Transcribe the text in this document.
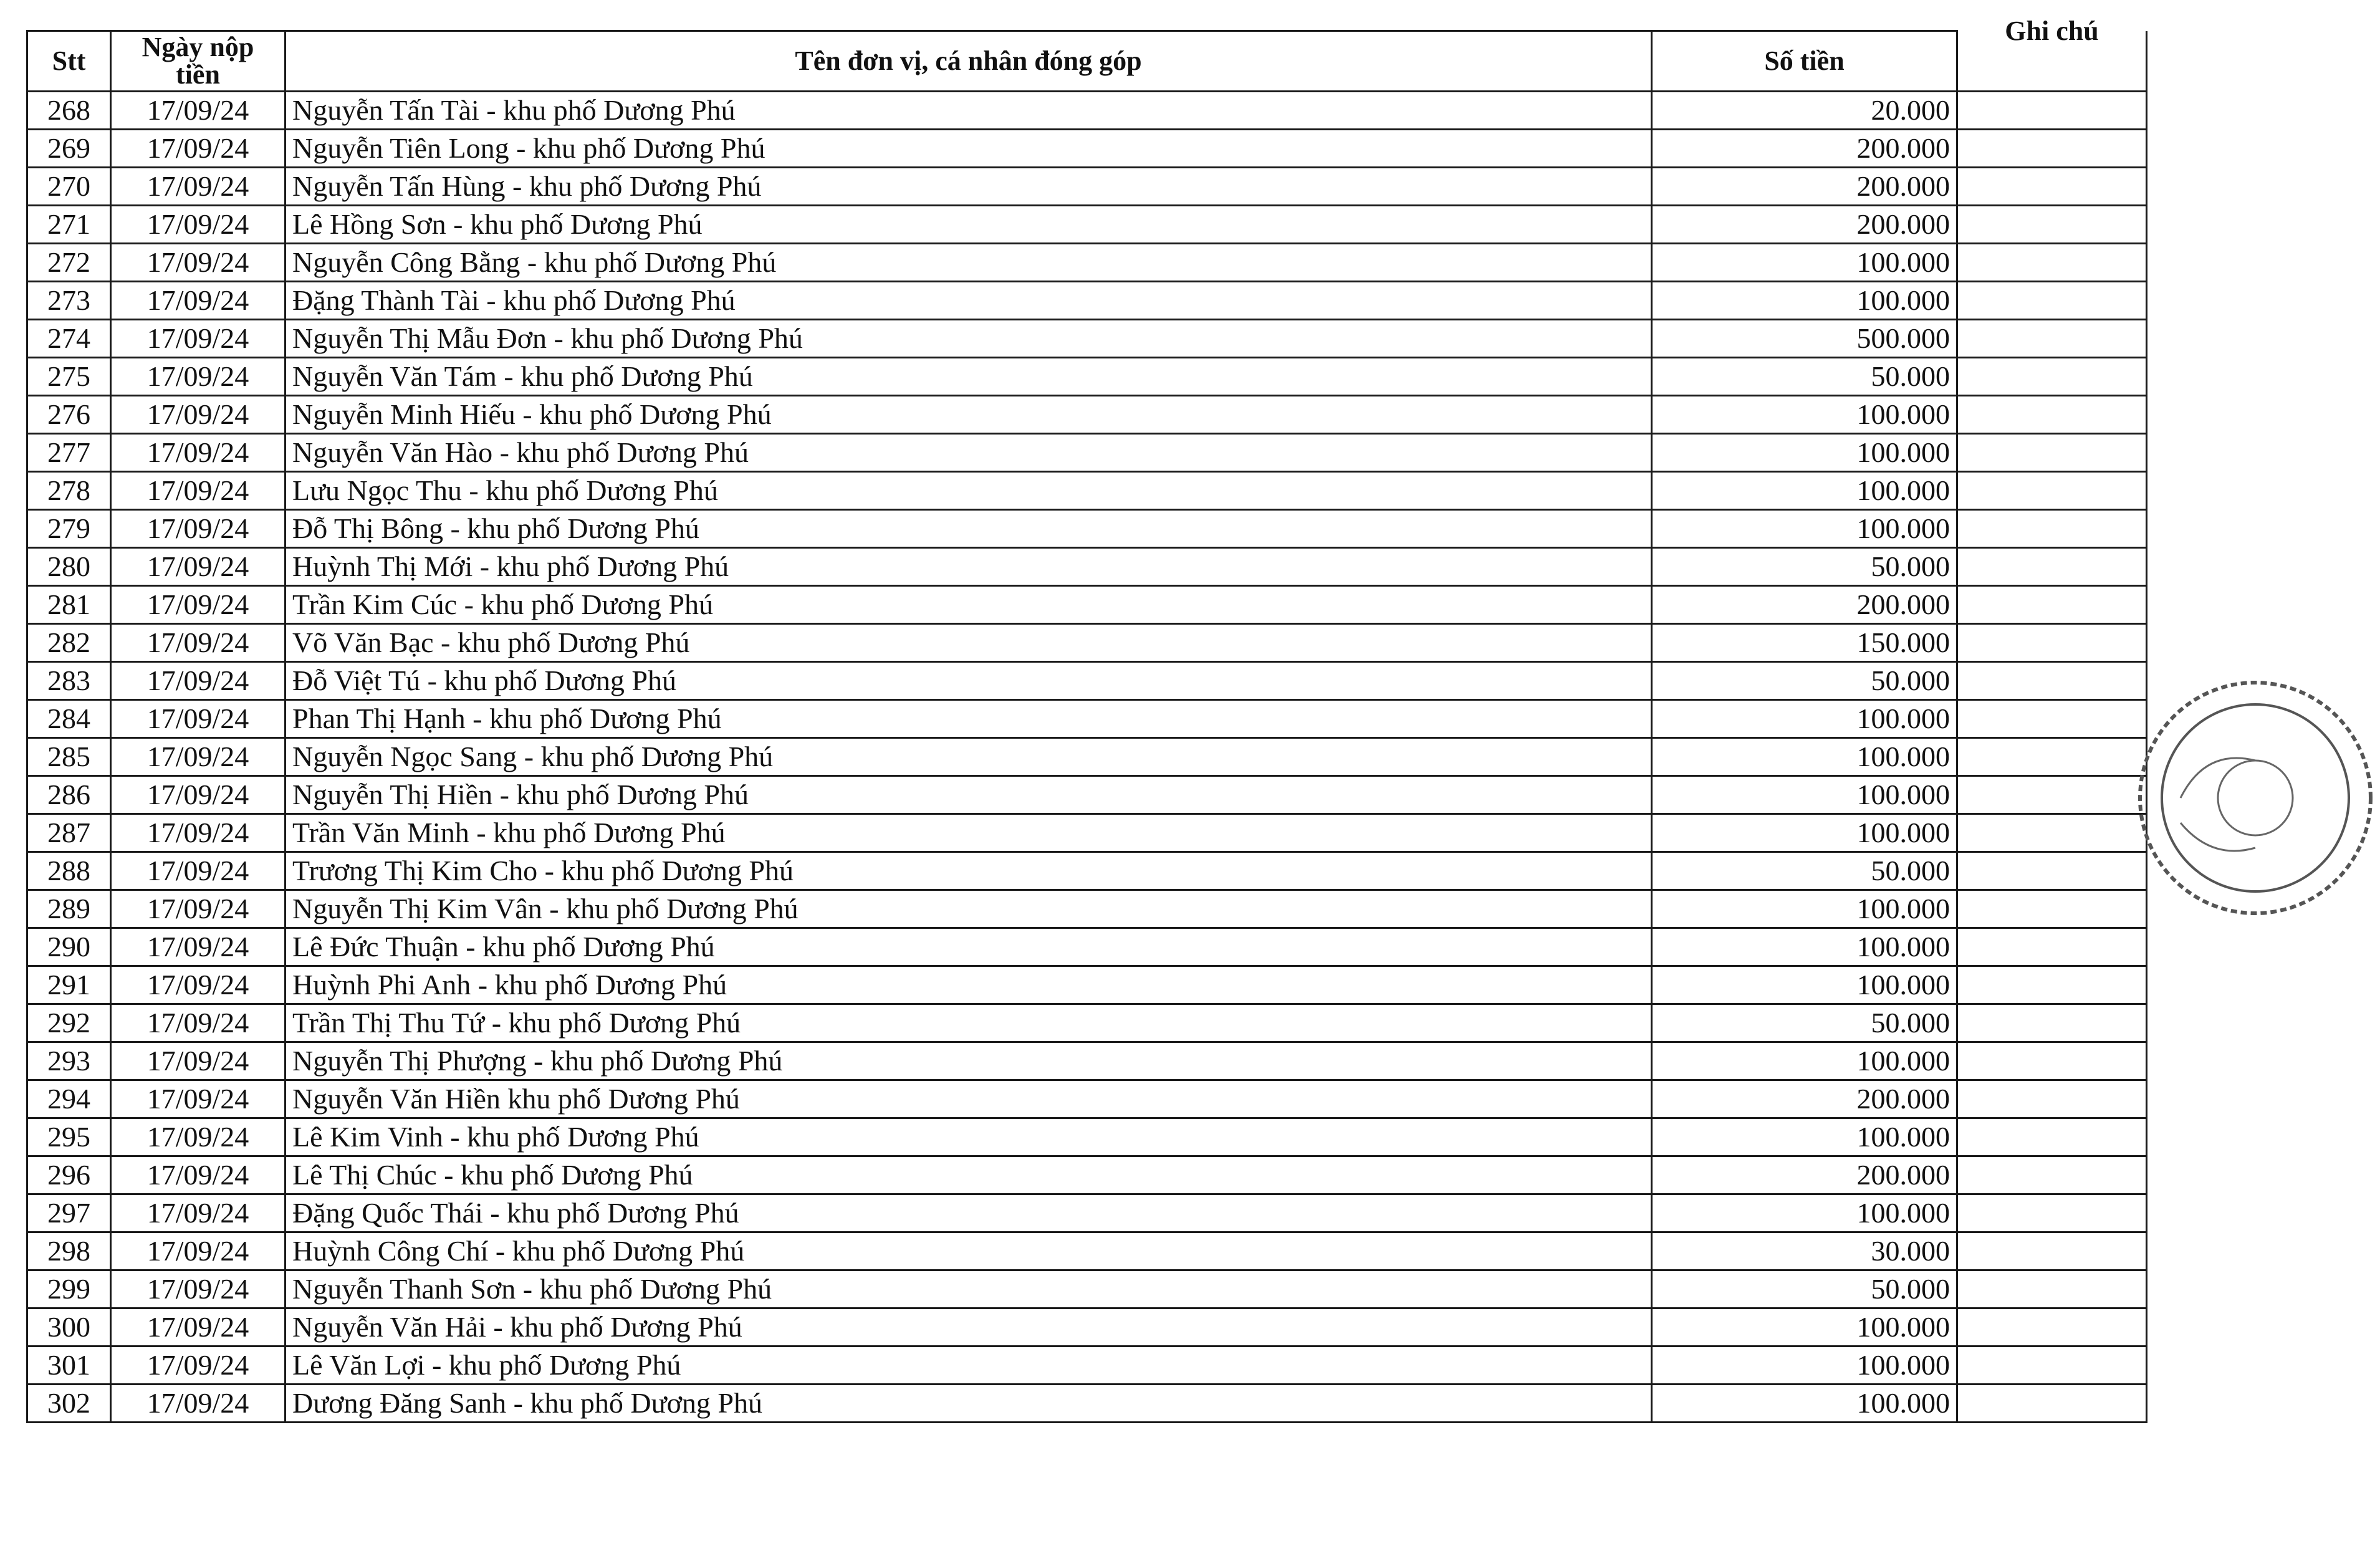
Stt	Ngày nộp tiền	Tên đơn vị, cá nhân đóng góp	Số tiền	Ghi chú

268	17/09/24	Nguyễn Tấn Tài - khu phố Dương Phú	20.000	
269	17/09/24	Nguyễn Tiên Long - khu phố Dương Phú	200.000	
270	17/09/24	Nguyễn Tấn Hùng - khu phố Dương Phú	200.000	
271	17/09/24	Lê Hồng Sơn - khu phố Dương Phú	200.000	
272	17/09/24	Nguyễn Công Bằng - khu phố Dương Phú	100.000	
273	17/09/24	Đặng Thành Tài - khu phố Dương Phú	100.000	
274	17/09/24	Nguyễn Thị Mẫu Đơn - khu phố Dương Phú	500.000	
275	17/09/24	Nguyễn Văn Tám - khu phố Dương Phú	50.000	
276	17/09/24	Nguyễn Minh Hiếu - khu phố Dương Phú	100.000	
277	17/09/24	Nguyễn Văn Hào - khu phố Dương Phú	100.000	
278	17/09/24	Lưu Ngọc Thu - khu phố Dương Phú	100.000	
279	17/09/24	Đỗ Thị Bông - khu phố Dương Phú	100.000	
280	17/09/24	Huỳnh Thị Mới - khu phố Dương Phú	50.000	
281	17/09/24	Trần Kim Cúc - khu phố Dương Phú	200.000	
282	17/09/24	Võ Văn Bạc - khu phố Dương Phú	150.000	
283	17/09/24	Đỗ Việt Tú - khu phố Dương Phú	50.000	
284	17/09/24	Phan Thị Hạnh - khu phố Dương Phú	100.000	
285	17/09/24	Nguyễn Ngọc Sang - khu phố Dương Phú	100.000	
286	17/09/24	Nguyễn Thị Hiền - khu phố Dương Phú	100.000	
287	17/09/24	Trần Văn Minh - khu phố Dương Phú	100.000	
288	17/09/24	Trương Thị Kim Cho - khu phố Dương Phú	50.000	
289	17/09/24	Nguyễn Thị Kim Vân - khu phố Dương Phú	100.000	
290	17/09/24	Lê Đức Thuận - khu phố Dương Phú	100.000	
291	17/09/24	Huỳnh Phi Anh - khu phố Dương Phú	100.000	
292	17/09/24	Trần Thị Thu Tứ - khu phố Dương Phú	50.000	
293	17/09/24	Nguyễn Thị Phượng - khu phố Dương Phú	100.000	
294	17/09/24	Nguyễn Văn Hiền khu phố Dương Phú	200.000	
295	17/09/24	Lê Kim Vinh - khu phố Dương Phú	100.000	
296	17/09/24	Lê Thị Chúc - khu phố Dương Phú	200.000	
297	17/09/24	Đặng Quốc Thái - khu phố Dương Phú	100.000	
298	17/09/24	Huỳnh Công Chí - khu phố Dương Phú	30.000	
299	17/09/24	Nguyễn Thanh Sơn - khu phố Dương Phú	50.000	
300	17/09/24	Nguyễn Văn Hải - khu phố Dương Phú	100.000	
301	17/09/24	Lê Văn Lợi - khu phố Dương Phú	100.000	
302	17/09/24	Dương Đăng Sanh - khu phố Dương Phú	100.000	
